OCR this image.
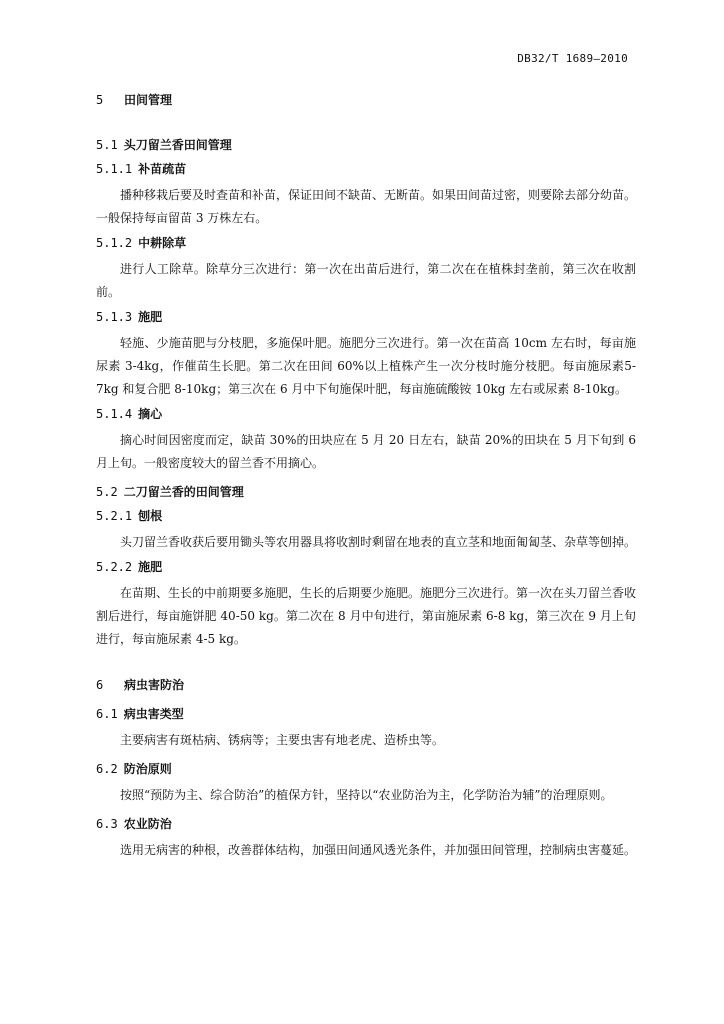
DB32/T 1689—2010
5 田间管理
5.1 头刀留兰香田间管理
5.1.1 补苗疏苗

播种移栽后要及时查苗和补苗，保证田间不缺苗、无断苗。如果田间苗过密，则要除去部分幼苗。一般保持每亩留苗 3 万株左右。

5.1.2 中耕除草

进行人工除草。除草分三次进行：第一次在出苗后进行，第二次在在植株封垄前，第三次在收割前。

5.1.3 施肥

轻施、少施苗肥与分枝肥，多施保叶肥。施肥分三次进行。第一次在苗高 10cm 左右时，每亩施尿素 3-4kg，作催苗生长肥。第二次在田间 60%以上植株产生一次分枝时施分枝肥。每亩施尿素5-7kg 和复合肥 8-10kg；第三次在 6 月中下旬施保叶肥，每亩施硫酸铵 10kg 左右或尿素 8-10kg。

5.1.4 摘心

摘心时间因密度而定，缺苗 30%的田块应在 5 月 20 日左右，缺苗 20%的田块在 5 月下旬到 6 月上旬。一般密度较大的留兰香不用摘心。

5.2 二刀留兰香的田间管理
5.2.1 刨根

头刀留兰香收获后要用锄头等农用器具将收割时剩留在地表的直立茎和地面匍匐茎、杂草等刨掉。

5.2.2 施肥

在苗期、生长的中前期要多施肥，生长的后期要少施肥。施肥分三次进行。第一次在头刀留兰香收割后进行，每亩施饼肥 40-50 kg。第二次在 8 月中旬进行，第亩施尿素 6-8 kg，第三次在 9 月上旬进行，每亩施尿素 4-5 kg。

6 病虫害防治
6.1 病虫害类型

主要病害有斑枯病、锈病等；主要虫害有地老虎、造桥虫等。

6.2 防治原则

按照“预防为主、综合防治”的植保方针，坚持以“农业防治为主，化学防治为辅”的治理原则。

6.3 农业防治

选用无病害的种根，改善群体结构，加强田间通风透光条件，并加强田间管理，控制病虫害蔓延。
